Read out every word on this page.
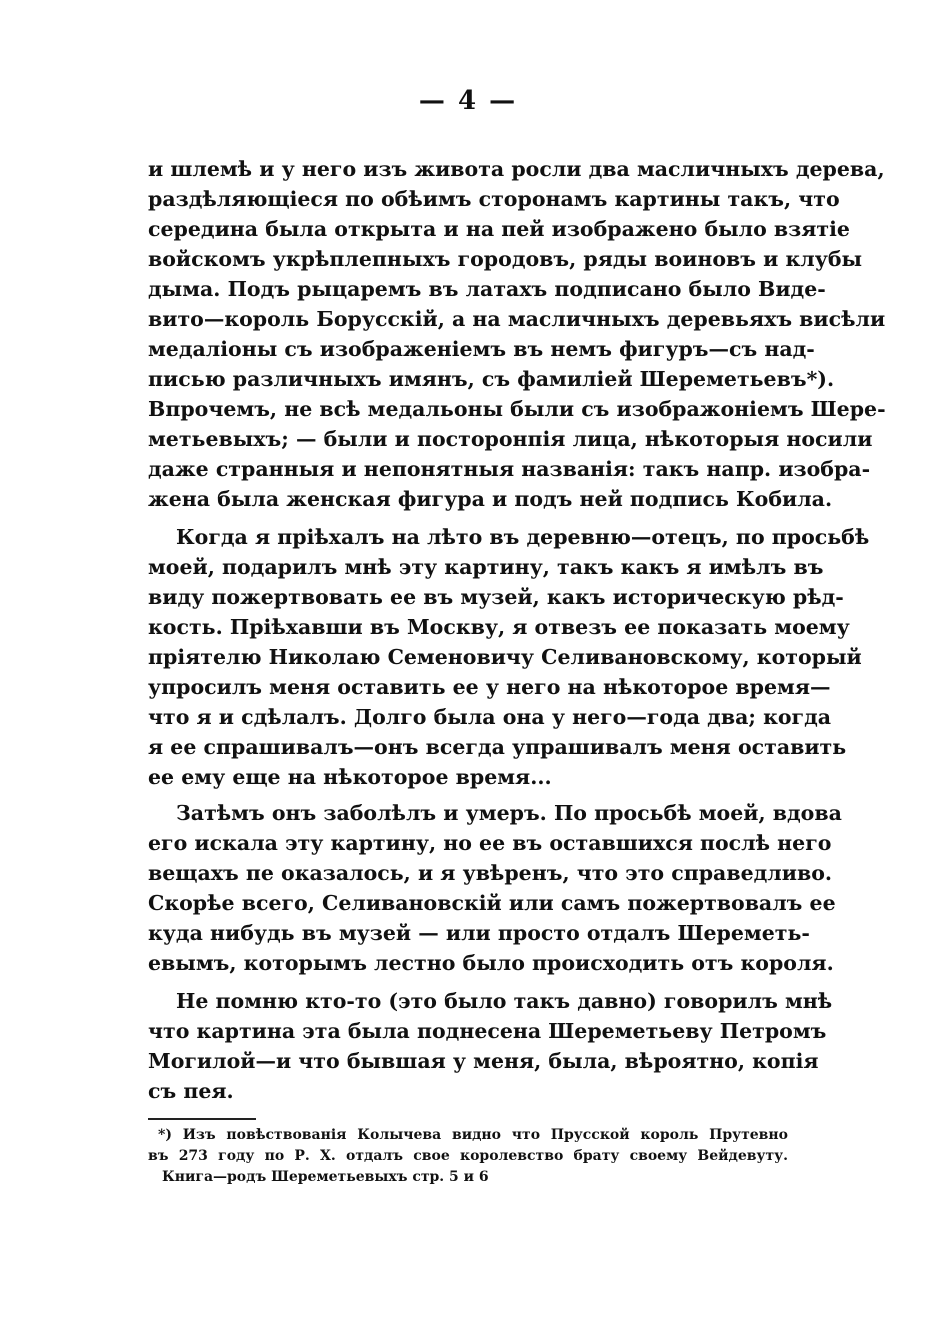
— 4 —
и шлемѣ и у него изъ живота росли два масличныхъ дерева,
раздѣляющіеся по обѣимъ сторонамъ картины такъ, что
середина была открыта и на пей изображено было взятіе
войскомъ укрѣплепныхъ городовъ, ряды воиновъ и клубы
дыма. Подъ рыцаремъ въ латахъ подписано было Виде-
вито—король Борусскій, а на масличныхъ деревьяхъ висѣли
медаліоны съ изображеніемъ въ немъ фигуръ—съ над-
писью различныхъ имянъ, съ фамиліей Шереметьевъ*).
Впрочемъ, не всѣ медальоны были съ изображоніемъ Шере-
метьевыхъ; — были и посторонпія лица, нѣкоторыя носили
даже странныя и непонятныя названія: такъ напр. изобра-
жена была женская фигура и подъ ней подпись Кобила.
Когда я пріѣхалъ на лѣто въ деревню—отецъ, по просьбѣ
моей, подарилъ мнѣ эту картину, такъ какъ я имѣлъ въ
виду пожертвовать ее въ музей, какъ историческую рѣд-
кость. Пріѣхавши въ Москву, я отвезъ ее показать моему
пріятелю Николаю Семеновичу Селивановскому, который
упросилъ меня оставить ее у него на нѣкоторое время—
что я и сдѣлалъ. Долго была она у него—года два; когда
я ее спрашивалъ—онъ всегда упрашивалъ меня оставить
ее ему еще на нѣкоторое время...
Затѣмъ онъ заболѣлъ и умеръ. По просьбѣ моей, вдова
его искала эту картину, но ее въ оставшихся послѣ него
вещахъ пе оказалось, и я увѣренъ, что это справедливо.
Скорѣе всего, Селивановскій или самъ пожертвовалъ ее
куда нибудь въ музей — или просто отдалъ Шереметь-
евымъ, которымъ лестно было происходить отъ короля.
Не помню кто-то (это было такъ давно) говорилъ мнѣ
что картина эта была поднесена Шереметьеву Петромъ
Могилой—и что бывшая у меня, была, вѣроятно, копія
съ пея.
*) Изъ повѣствованія Колычева видно что Прусской король Прутевно
въ 273 году по Р. Х. отдалъ свое королевство брату своему Вейдевуту.
Книга—родъ Шереметьевыхъ стр. 5 и 6
